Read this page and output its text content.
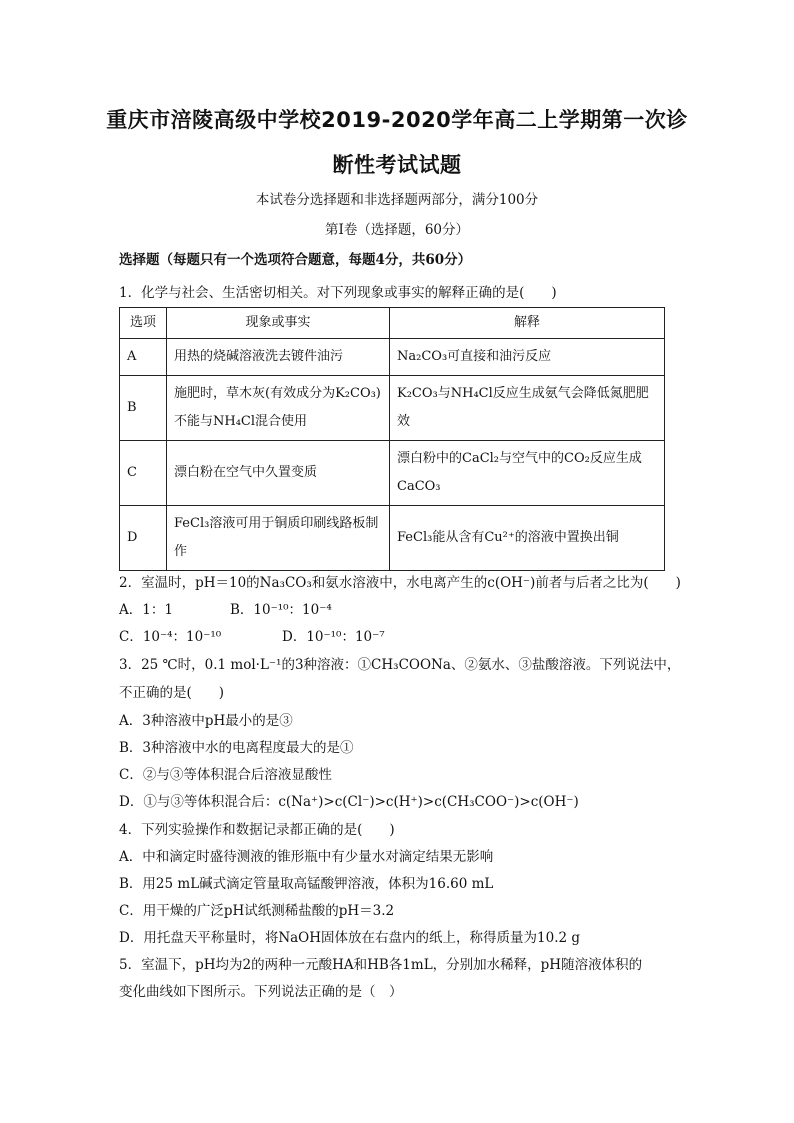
重庆市涪陵高级中学校2019-2020学年高二上学期第一次诊
断性考试试题
本试卷分选择题和非选择题两部分，满分100分
第Ⅰ卷（选择题，60分）
选择题（每题只有一个选项符合题意，每题4分，共60分）
1．化学与社会、生活密切相关。对下列现象或事实的解释正确的是(　　)
选项	现象或事实	解释
A	用热的烧碱溶液洗去镀件油污	Na₂CO₃可直接和油污反应
B	施肥时，草木灰(有效成分为K₂CO₃)不能与NH₄Cl混合使用	K₂CO₃与NH₄Cl反应生成氨气会降低氮肥肥效
C	漂白粉在空气中久置变质	漂白粉中的CaCl₂与空气中的CO₂反应生成CaCO₃
D	FeCl₃溶液可用于铜质印刷线路板制作	FeCl₃能从含有Cu²⁺的溶液中置换出铜
2．室温时，pH＝10的Na₃CO₃和氨水溶液中，水电离产生的c(OH⁻)前者与后者之比为(　　)
A．1：1	B．10⁻¹⁰：10⁻⁴
C．10⁻⁴：10⁻¹⁰	D．10⁻¹⁰：10⁻⁷
3．25 ℃时，0.1 mol·L⁻¹的3种溶液：①CH₃COONa、②氨水、③盐酸溶液。下列说法中，
不正确的是(　　)
A．3种溶液中pH最小的是③
B．3种溶液中水的电离程度最大的是①
C．②与③等体积混合后溶液显酸性
D．①与③等体积混合后：c(Na⁺)>c(Cl⁻)>c(H⁺)>c(CH₃COO⁻)>c(OH⁻)
4．下列实验操作和数据记录都正确的是(　　)
A．中和滴定时盛待测液的锥形瓶中有少量水对滴定结果无影响
B．用25 mL碱式滴定管量取高锰酸钾溶液，体积为16.60 mL
C．用干燥的广泛pH试纸测稀盐酸的pH＝3.2
D．用托盘天平称量时，将NaOH固体放在右盘内的纸上，称得质量为10.2 g
5．室温下，pH均为2的两种一元酸HA和HB各1mL，分别加水稀释，pH随溶液体积的
变化曲线如下图所示。下列说法正确的是（　）
